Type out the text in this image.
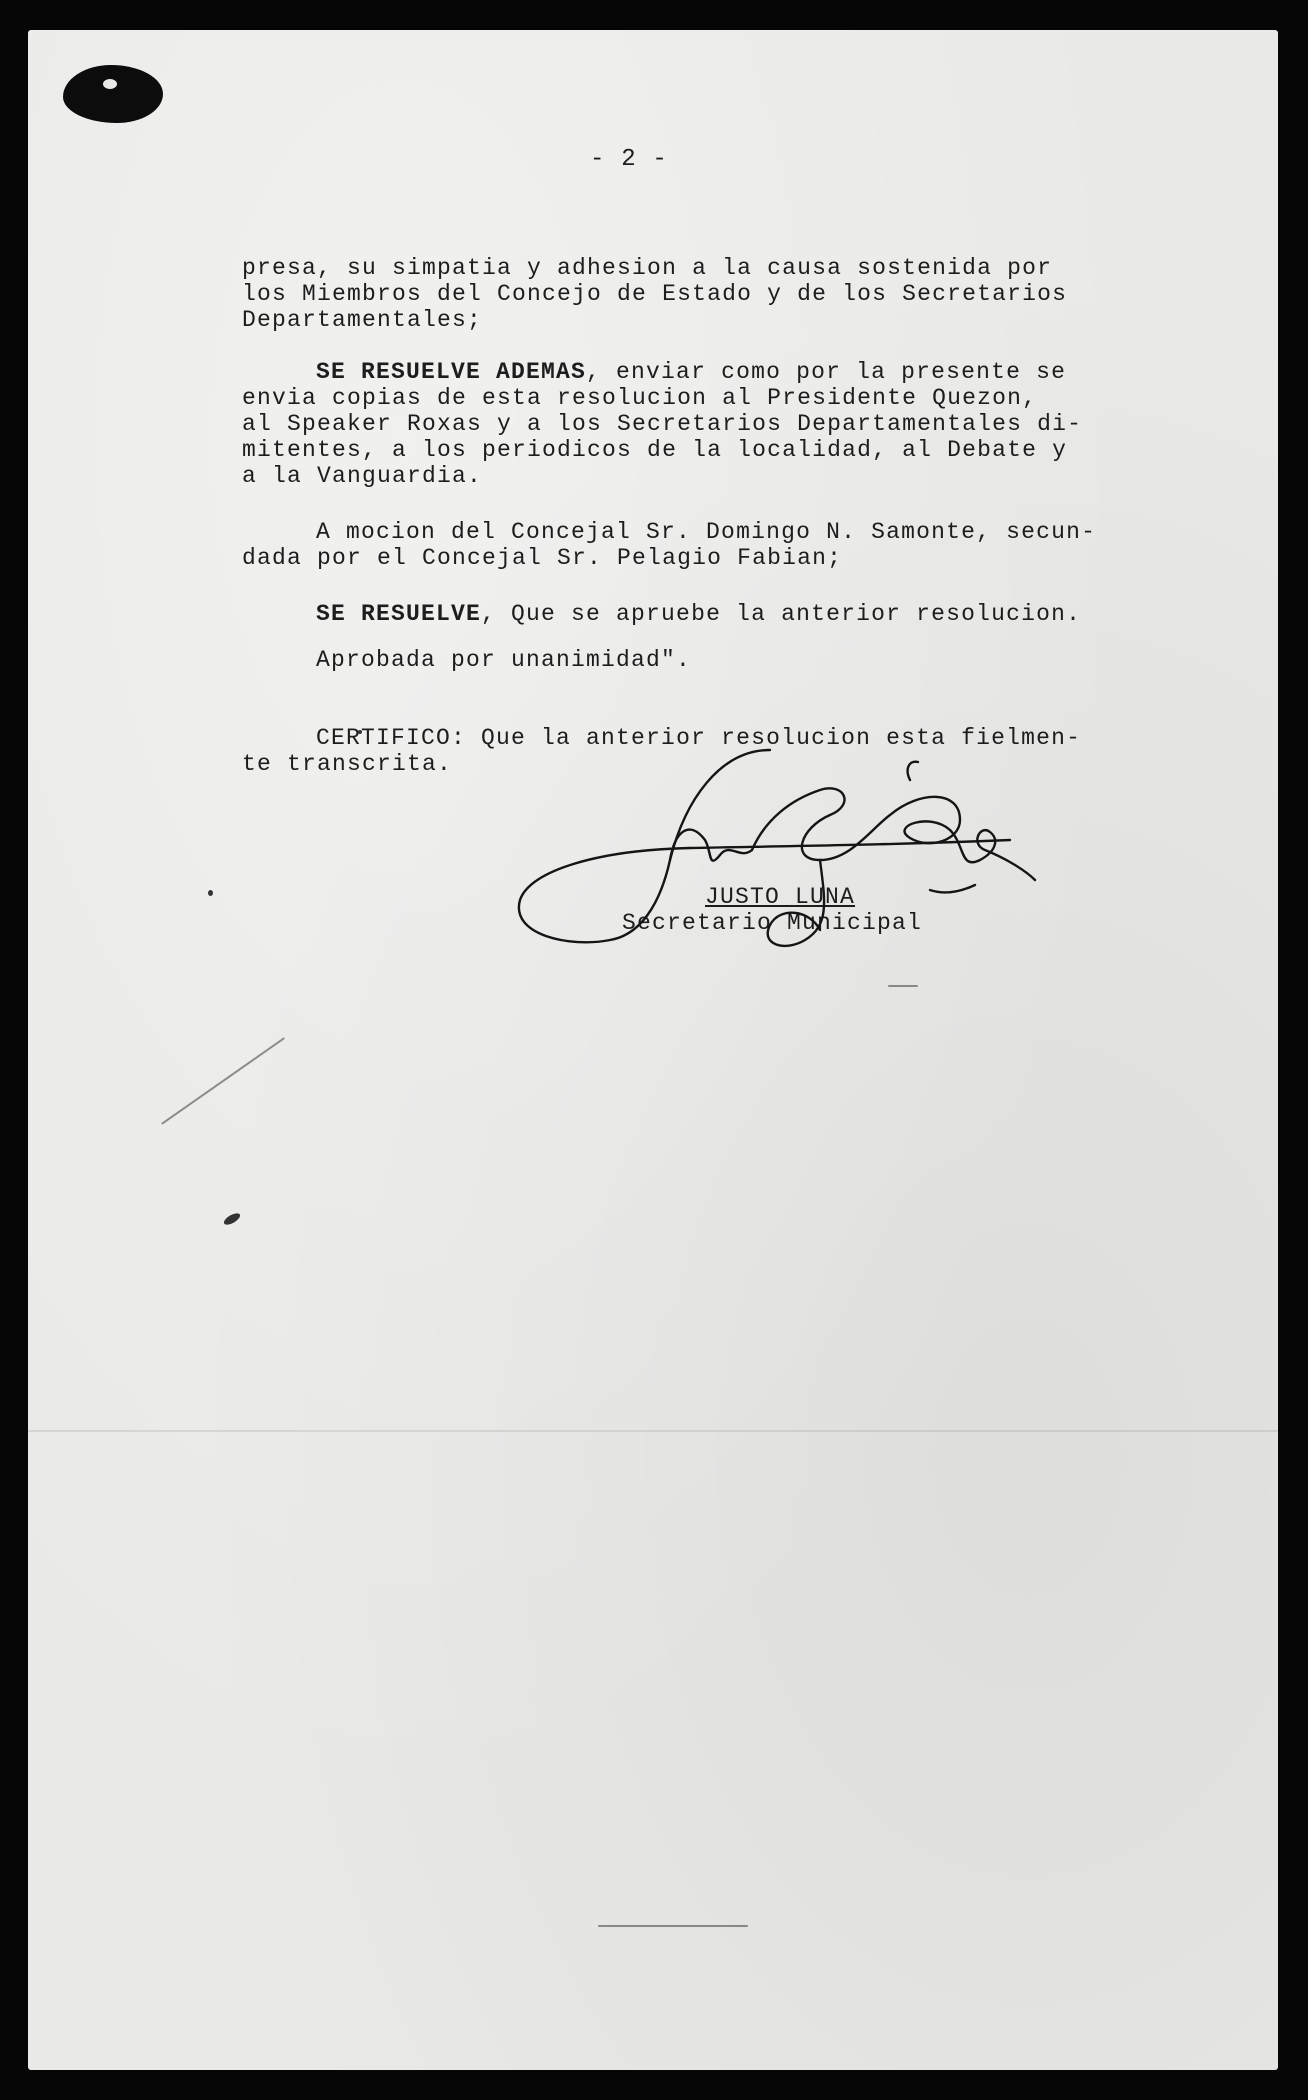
- 2 -
presa, su simpatia y adhesion a la causa sostenida por
los Miembros del Concejo de Estado y de los Secretarios
Departamentales;
SE RESUELVE ADEMAS, enviar como por la presente se
envia copias de esta resolucion al Presidente Quezon,
al Speaker Roxas y a los Secretarios Departamentales di-
mitentes, a los periodicos de la localidad, al Debate y
a la Vanguardia.
A mocion del Concejal Sr. Domingo N. Samonte, secun-
dada por el Concejal Sr. Pelagio Fabian;
SE RESUELVE, Que se apruebe la anterior resolucion.
Aprobada por unanimidad".
CERTIFICO: Que la anterior resolucion esta fielmen-
te transcrita.
JUSTO LUNA
Secretario Municipal
